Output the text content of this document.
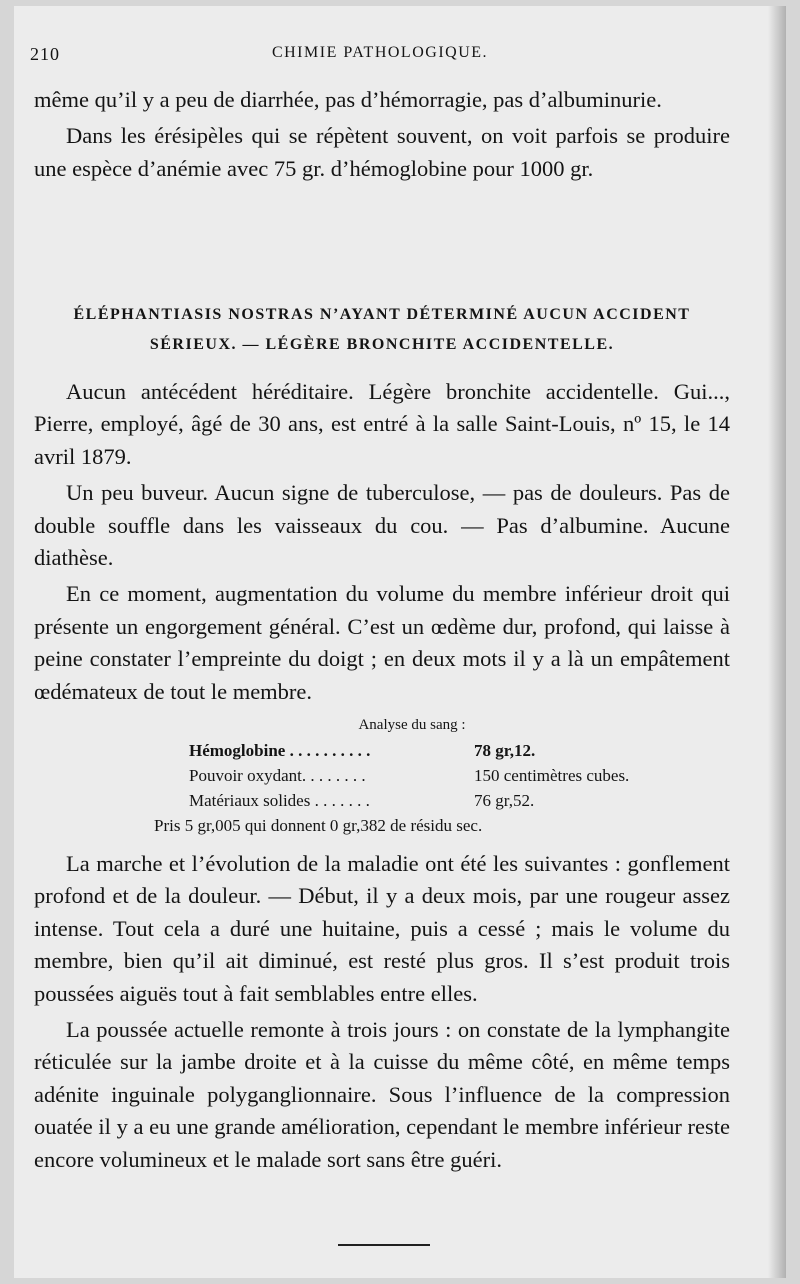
210	CHIMIE PATHOLOGIQUE.

même qu’il y a peu de diarrhée, pas d’hémorragie, pas d’albuminurie.

Dans les érésipèles qui se répètent souvent, on voit parfois se produire une espèce d’anémie avec 75 gr. d’hémoglobine pour 1000 gr.

ÉLÉPHANTIASIS NOSTRAS N’AYANT DÉTERMINÉ AUCUN ACCIDENT
SÉRIEUX. — LÉGÈRE BRONCHITE ACCIDENTELLE.

Aucun antécédent héréditaire. Légère bronchite accidentelle. Gui..., Pierre, employé, âgé de 30 ans, est entré à la salle Saint-Louis, nº 15, le 14 avril 1879.

Un peu buveur. Aucun signe de tuberculose, — pas de douleurs. Pas de double souffle dans les vaisseaux du cou. — Pas d’albumine. Aucune diathèse.

En ce moment, augmentation du volume du membre inférieur droit qui présente un engorgement général. C’est un œdème dur, profond, qui laisse à peine constater l’empreinte du doigt ; en deux mots il y a là un empâtement œdémateux de tout le membre.

Analyse du sang :
Hémoglobine . . . . . . . . . .	78 gr,12.
Pouvoir oxydant. . . . . . . .	150 centimètres cubes.
Matériaux solides . . . . . . .	76 gr,52.
Pris 5 gr,005 qui donnent 0 gr,382 de résidu sec.

La marche et l’évolution de la maladie ont été les suivantes : gonflement profond et de la douleur. — Début, il y a deux mois, par une rougeur assez intense. Tout cela a duré une huitaine, puis a cessé ; mais le volume du membre, bien qu’il ait diminué, est resté plus gros. Il s’est produit trois poussées aiguës tout à fait semblables entre elles.

La poussée actuelle remonte à trois jours : on constate de la lymphangite réticulée sur la jambe droite et à la cuisse du même côté, en même temps adénite inguinale polyganglionnaire. Sous l’influence de la compression ouatée il y a eu une grande amélioration, cependant le membre inférieur reste encore volumineux et le malade sort sans être guéri.
